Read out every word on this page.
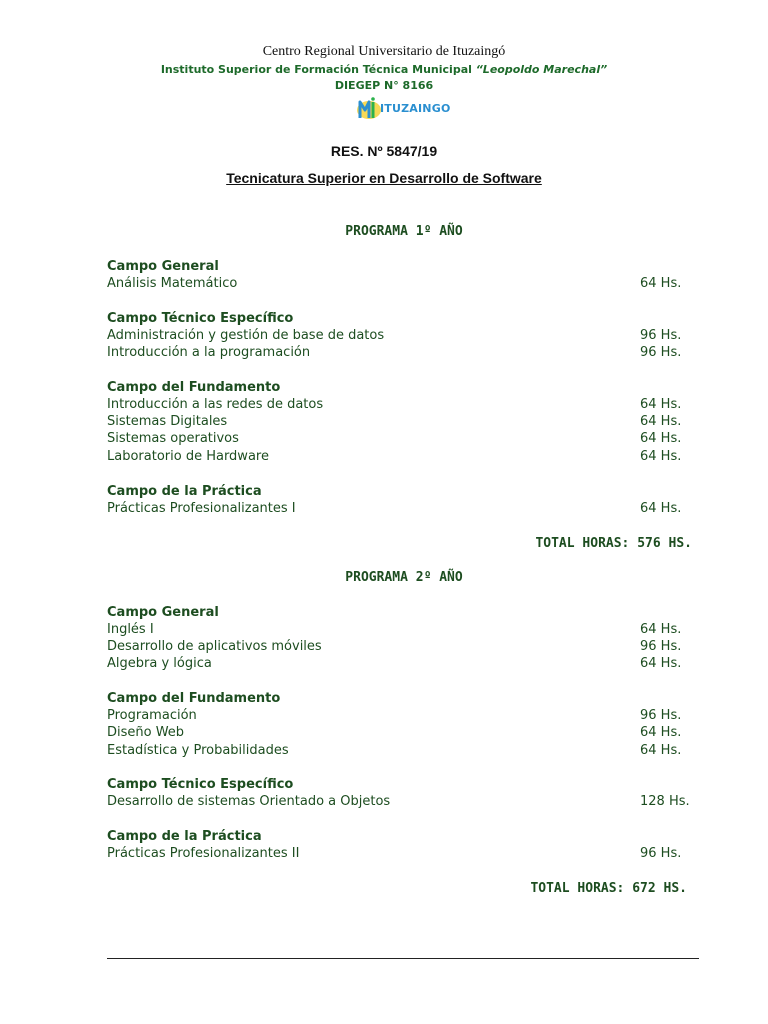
Centro Regional Universitario de Ituzaingó
Instituto Superior de Formación Técnica Municipal “Leopoldo Marechal”
DIEGEP N° 8166
ITUZAINGO
RES. Nº 5847/19
Tecnicatura Superior en Desarrollo de Software
PROGRAMA 1º AÑO
Campo General
Análisis Matemático	64 Hs.
Campo Técnico Específico
Administración y gestión de base de datos	96 Hs.
Introducción a la programación	96 Hs.
Campo del Fundamento
Introducción a las redes de datos	64 Hs.
Sistemas Digitales	64 Hs.
Sistemas operativos	64 Hs.
Laboratorio de Hardware	64 Hs.
Campo de la Práctica
Prácticas Profesionalizantes I	64 Hs.
TOTAL HORAS: 576 HS.
PROGRAMA 2º AÑO
Campo General
Inglés I	64 Hs.
Desarrollo de aplicativos móviles	96 Hs.
Algebra y lógica	64 Hs.
Campo del Fundamento
Programación	96 Hs.
Diseño Web	64 Hs.
Estadística y Probabilidades	64 Hs.
Campo Técnico Específico
Desarrollo de sistemas Orientado a Objetos	128 Hs.
Campo de la Práctica
Prácticas Profesionalizantes II	96 Hs.
TOTAL HORAS: 672 HS.
